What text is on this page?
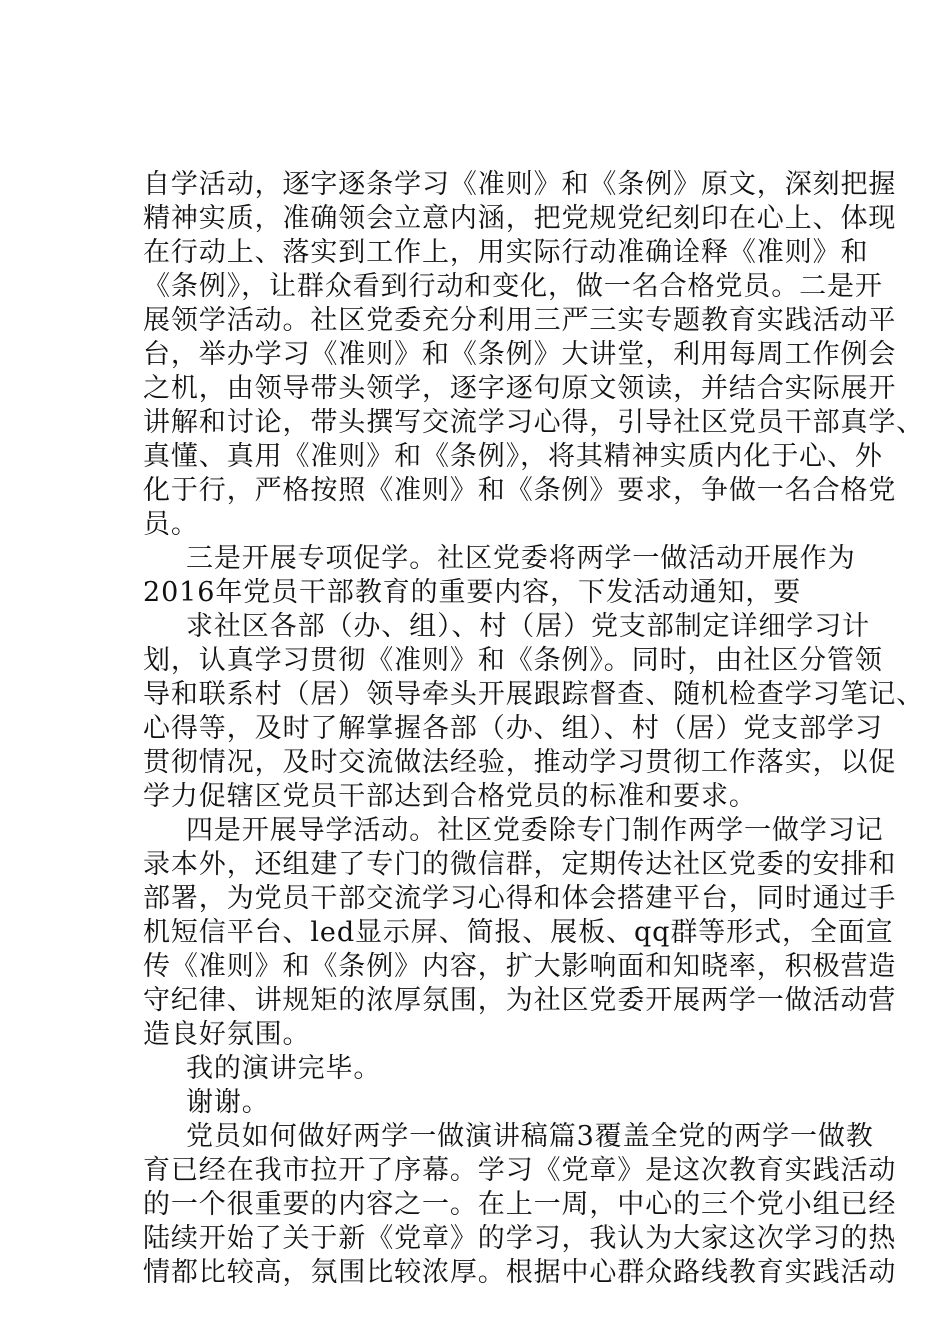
自学活动，逐字逐条学习《准则》和《条例》原文，深刻把握
精神实质，准确领会立意内涵，把党规党纪刻印在心上、体现
在行动上、落实到工作上，用实际行动准确诠释《准则》和
《条例》，让群众看到行动和变化，做一名合格党员。二是开
展领学活动。社区党委充分利用三严三实专题教育实践活动平
台，举办学习《准则》和《条例》大讲堂，利用每周工作例会
之机，由领导带头领学，逐字逐句原文领读，并结合实际展开
讲解和讨论，带头撰写交流学习心得，引导社区党员干部真学、
真懂、真用《准则》和《条例》，将其精神实质内化于心、外
化于行，严格按照《准则》和《条例》要求，争做一名合格党
员。
三是开展专项促学。社区党委将两学一做活动开展作为
2016年党员干部教育的重要内容，下发活动通知，要
求社区各部（办、组）、村（居）党支部制定详细学习计
划，认真学习贯彻《准则》和《条例》。同时，由社区分管领
导和联系村（居）领导牵头开展跟踪督查、随机检查学习笔记、
心得等，及时了解掌握各部（办、组）、村（居）党支部学习
贯彻情况，及时交流做法经验，推动学习贯彻工作落实，以促
学力促辖区党员干部达到合格党员的标准和要求。
四是开展导学活动。社区党委除专门制作两学一做学习记
录本外，还组建了专门的微信群，定期传达社区党委的安排和
部署，为党员干部交流学习心得和体会搭建平台，同时通过手
机短信平台、led显示屏、简报、展板、qq群等形式，全面宣
传《准则》和《条例》内容，扩大影响面和知晓率，积极营造
守纪律、讲规矩的浓厚氛围，为社区党委开展两学一做活动营
造良好氛围。
我的演讲完毕。
谢谢。
党员如何做好两学一做演讲稿篇3覆盖全党的两学一做教
育已经在我市拉开了序幕。学习《党章》是这次教育实践活动
的一个很重要的内容之一。在上一周，中心的三个党小组已经
陆续开始了关于新《党章》的学习，我认为大家这次学习的热
情都比较高，氛围比较浓厚。根据中心群众路线教育实践活动
